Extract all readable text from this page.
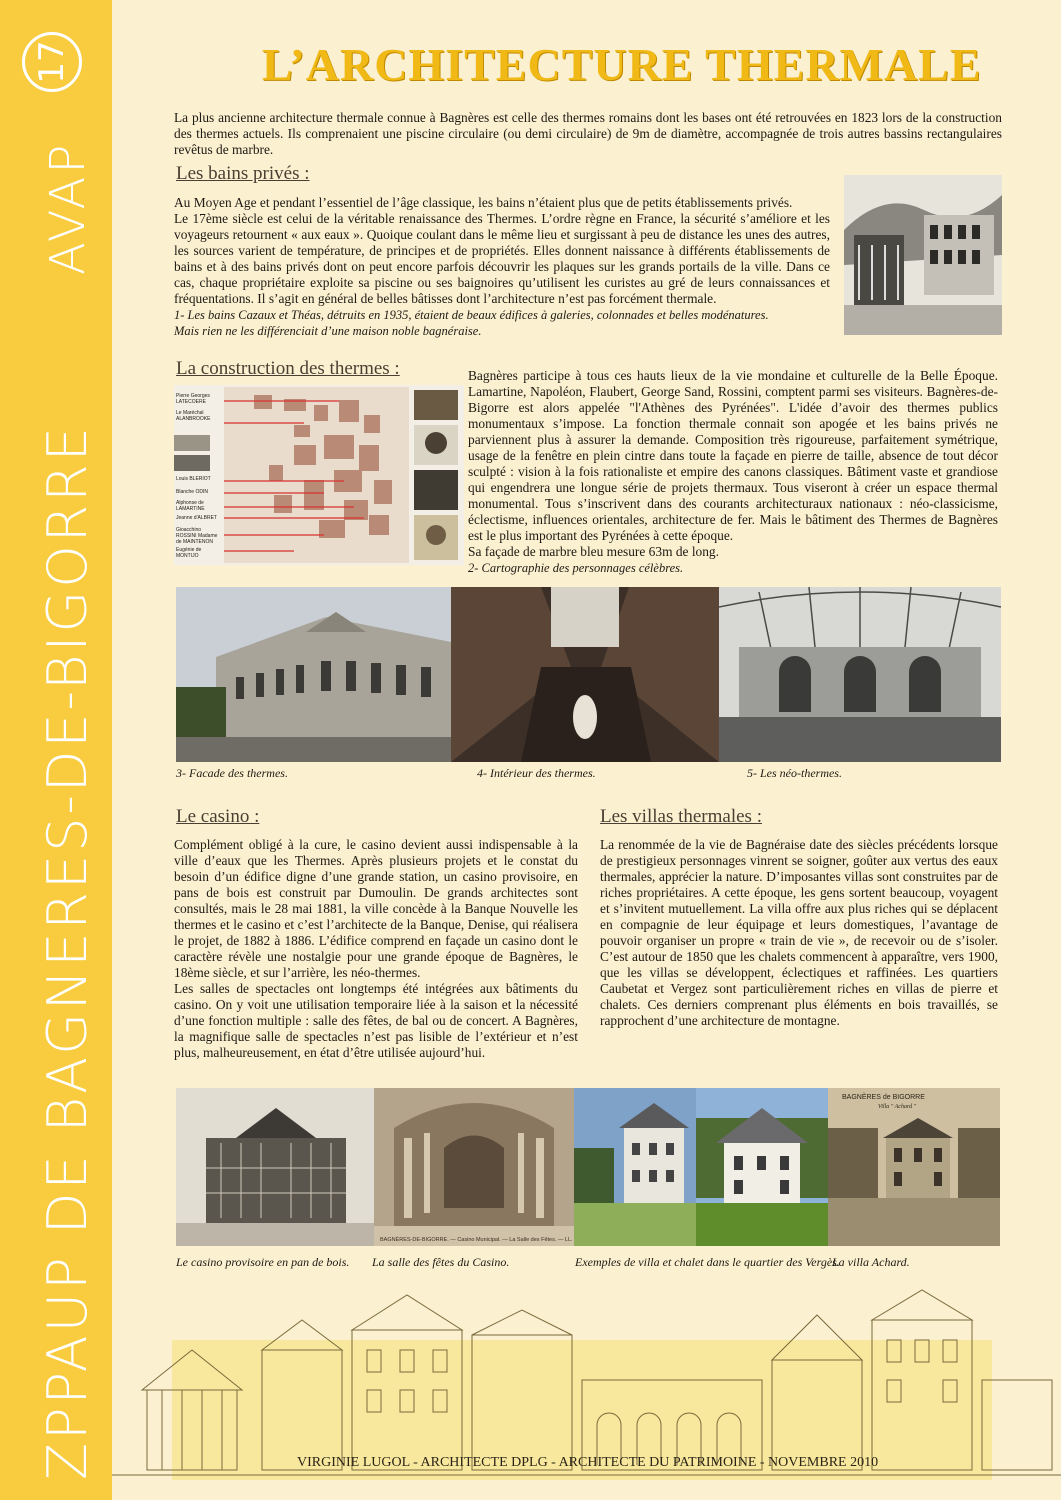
17
AVAP
ZPPAUP DE BAGNERES-DE-BIGORRE
L’ARCHITECTURE THERMALE

La plus ancienne architecture thermale connue à Bagnères est celle des thermes romains dont les bases ont été retrouvées en 1823 lors de la construction des thermes actuels. Ils comprenaient une piscine circulaire (ou demi circulaire) de 9m de diamètre, accompagnée de trois autres bassins rectangulaires revêtus de marbre.

Les bains privés :
Au Moyen Age et pendant l’essentiel de l’âge classique, les bains n’étaient plus que de petits établissements privés.
Le 17ème siècle est celui de la véritable renaissance des Thermes. L’ordre règne en France, la sécurité s’améliore et les voyageurs retournent « aux eaux ». Quoique coulant dans le même lieu et surgissant à peu de distance les unes des autres, les sources varient de température, de principes et de propriétés. Elles donnent naissance à différents établissements de bains et à des bains privés dont on peut encore parfois découvrir les plaques sur les grands portails de la ville. Dans ce cas, chaque propriétaire exploite sa piscine ou ses baignoires qu’utilisent les curistes au gré de leurs connaissances et fréquentations. Il s’agit en général de belles bâtisses dont l’architecture n’est pas forcément thermale.
1- Les bains Cazaux et Théas, détruits en 1935, étaient de beaux édifices à galeries, colonnades et belles modénatures.
Mais rien ne les différenciait d’une maison noble bagnéraise.
La construction des thermes :
Pierre Georges LATECOERE
Le Maréchal ALANBROOKE
Louis BLERIOT
Blanche ODIN
Alphonse de LAMARTINE
Jeanne d'ALBRET
Gioacchino ROSSINI Madame de MAINTENON
Eugénie de MONTIJO
Bagnères participe à tous ces hauts lieux de la vie mondaine et culturelle de la Belle Époque. Lamartine, Napoléon, Flaubert, George Sand, Rossini, comptent parmi ses visiteurs. Bagnères-de-Bigorre est alors appelée "l'Athènes des Pyrénées". L'idée d’avoir des thermes publics monumentaux s’impose. La fonction thermale connait son apogée et les bains privés ne parviennent plus à assurer la demande. Composition très rigoureuse, parfaitement symétrique, usage de la fenêtre en plein cintre dans toute la façade en pierre de taille, absence de tout décor sculpté : vision à la fois rationaliste et empire des canons classiques. Bâtiment vaste et grandiose qui engendrera une longue série de projets thermaux. Tous viseront à créer un espace thermal monumental. Tous s’inscrivent dans des courants architecturaux nationaux : néo-classicisme, éclectisme, influences orientales, architecture de fer. Mais le bâtiment des Thermes de Bagnères est le plus important des Pyrénées à cette époque.
Sa façade de marbre bleu mesure 63m de long.
2- Cartographie des personnages célèbres.
3- Facade des thermes.	4- Intérieur des thermes.	5- Les néo-thermes.
Le casino :
Complément obligé à la cure, le casino devient aussi indispensable à la ville d’eaux que les Thermes. Après plusieurs projets et le constat du besoin d’un édifice digne d’une grande station, un casino provisoire, en pans de bois est construit par Dumoulin. De grands architectes sont consultés, mais le 28 mai 1881, la ville concède à la Banque Nouvelle les thermes et le casino et c’est l’architecte de la Banque, Denise, qui réalisera le projet, de 1882 à 1886. L’édifice comprend en façade un casino dont le caractère révèle une nostalgie pour une grande époque de Bagnères, le 18ème siècle, et sur l’arrière, les néo-thermes.
Les salles de spectacles ont longtemps été intégrées aux bâtiments du casino. On y voit une utilisation temporaire liée à la saison et la nécessité d’une fonction multiple : salle des fêtes, de bal ou de concert. A Bagnères, la magnifique salle de spectacles n’est pas lisible de l’extérieur et n’est plus, malheureusement, en état d’être utilisée aujourd’hui.
Les villas thermales :

La renommée de la vie de Bagnéraise date des siècles précédents lorsque de prestigieux personnages vinrent se soigner, goûter aux vertus des eaux thermales, apprécier la nature. D’imposantes villas sont construites par de riches propriétaires. A cette époque, les gens sortent beaucoup, voyagent et s’invitent mutuellement. La villa offre aux plus riches qui se déplacent en compagnie de leur équipage et leurs domestiques, l’avantage de pouvoir organiser un propre « train de vie », de recevoir ou de s’isoler. C’est autour de 1850 que les chalets commencent à apparaître, vers 1900, que les villas se développent, éclectiques et raffinées. Les quartiers Caubetat et Vergez sont particulièrement riches en villas de pierre et chalets. Ces derniers comprenant plus éléments en bois travaillés, se rapprochent d’une architecture de montagne.

BAGNÈRES-DE-BIGORRE. — Casino Municipal. — La Salle des Fêtes. — LL.
BAGNÈRES de BIGORRE
Villa " Achard "
Le casino provisoire en pan de bois. La salle des fêtes du Casino.	Exemples de villa et chalet dans le quartier des Vergès.
La villa Achard.
VIRGINIE LUGOL - ARCHITECTE DPLG - ARCHITECTE DU PATRIMOINE - NOVEMBRE 2010
